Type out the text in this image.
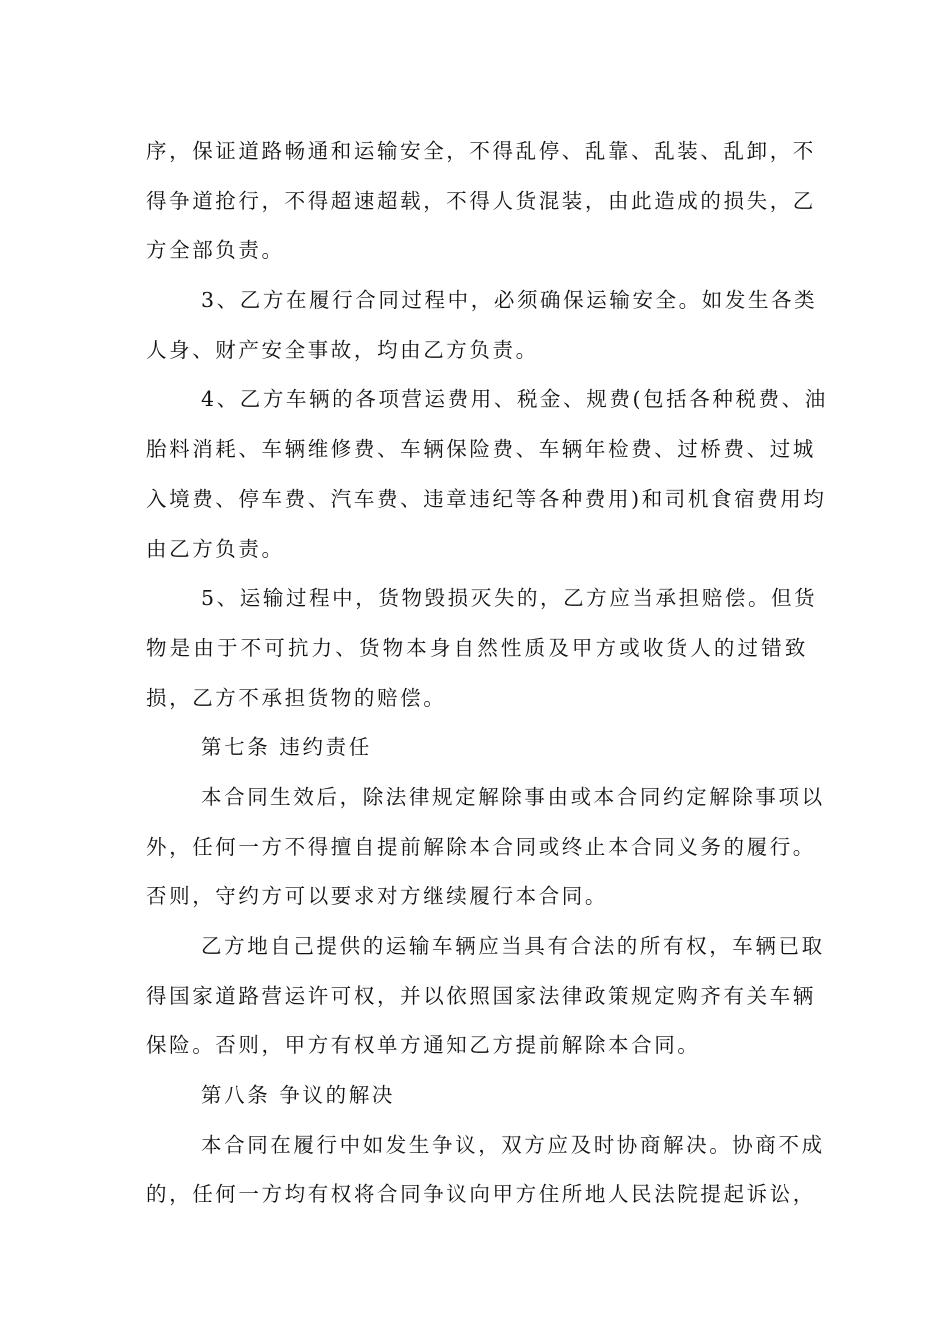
序，保证道路畅通和运输安全，不得乱停、乱靠、乱装、乱卸，不
得争道抢行，不得超速超载，不得人货混装，由此造成的损失，乙
方全部负责。
3、乙方在履行合同过程中，必须确保运输安全。如发生各类
人身、财产安全事故，均由乙方负责。
4、乙方车辆的各项营运费用、税金、规费(包括各种税费、油
胎料消耗、车辆维修费、车辆保险费、车辆年检费、过桥费、过城
入境费、停车费、汽车费、违章违纪等各种费用)和司机食宿费用均
由乙方负责。
5、运输过程中，货物毁损灭失的，乙方应当承担赔偿。但货
物是由于不可抗力、货物本身自然性质及甲方或收货人的过错致
损，乙方不承担货物的赔偿。
第七条 违约责任
本合同生效后，除法律规定解除事由或本合同约定解除事项以
外，任何一方不得擅自提前解除本合同或终止本合同义务的履行。
否则，守约方可以要求对方继续履行本合同。
乙方地自己提供的运输车辆应当具有合法的所有权，车辆已取
得国家道路营运许可权，并以依照国家法律政策规定购齐有关车辆
保险。否则，甲方有权单方通知乙方提前解除本合同。
第八条 争议的解决
本合同在履行中如发生争议，双方应及时协商解决。协商不成
的，任何一方均有权将合同争议向甲方住所地人民法院提起诉讼，
